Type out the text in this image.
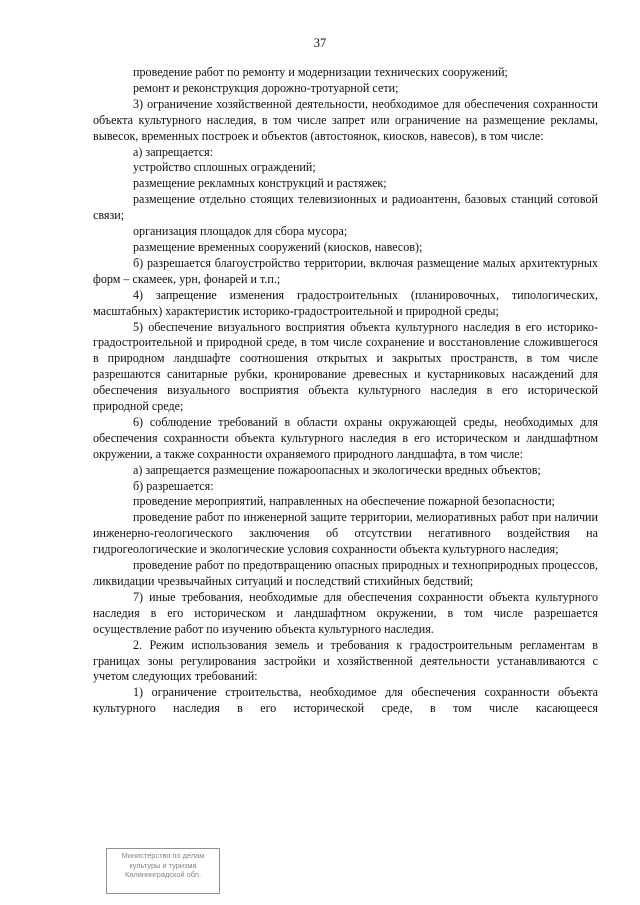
37

проведение работ по ремонту и модернизации технических сооружений;

ремонт и реконструкция дорожно-тротуарной сети;

3) ограничение хозяйственной деятельности, необходимое для обеспечения сохранности объекта культурного наследия, в том числе запрет или ограничение на размещение рекламы, вывесок, временных построек и объектов (автостоянок, киосков, навесов), в том числе:

а) запрещается:

устройство сплошных ограждений;

размещение рекламных конструкций и растяжек;

размещение отдельно стоящих телевизионных и радиоантенн, базовых станций сотовой связи;

организация площадок для сбора мусора;

размещение временных сооружений (киосков, навесов);

б) разрешается благоустройство территории, включая размещение малых архитектурных форм – скамеек, урн, фонарей и т.п.;

4) запрещение изменения градостроительных (планировочных, типологических, масштабных) характеристик историко-градостроительной и природной среды;

5) обеспечение визуального восприятия объекта культурного наследия в его историко-градостроительной и природной среде, в том числе сохранение и восстановление сложившегося в природном ландшафте соотношения открытых и закрытых пространств, в том числе разрешаются санитарные рубки, кронирование древесных и кустарниковых насаждений для обеспечения визуального восприятия объекта культурного наследия в его исторической природной среде;

6) соблюдение требований в области охраны окружающей среды, необходимых для обеспечения сохранности объекта культурного наследия в его историческом и ландшафтном окружении, а также сохранности охраняемого природного ландшафта, в том числе:

а) запрещается размещение пожароопасных и экологически вредных объектов;

б) разрешается:

проведение мероприятий, направленных на обеспечение пожарной безопасности;

проведение работ по инженерной защите территории, мелиоративных работ при наличии инженерно-геологического заключения об отсутствии негативного воздействия на гидрогеологические и экологические условия сохранности объекта культурного наследия;

проведение работ по предотвращению опасных природных и техноприродных процессов, ликвидации чрезвычайных ситуаций и последствий стихийных бедствий;

7) иные требования, необходимые для обеспечения сохранности объекта культурного наследия в его историческом и ландшафтном окружении, в том числе разрешается осуществление работ по изучению объекта культурного наследия.

2. Режим использования земель и требования к градостроительным регламентам в границах зоны регулирования застройки и хозяйственной деятельности устанавливаются с учетом следующих требований:

1) ограничение строительства, необходимое для обеспечения сохранности объекта культурного наследия в его исторической среде, в том числе касающееся

Министерство по делам
культуры и туризма
Калининградской обл.
